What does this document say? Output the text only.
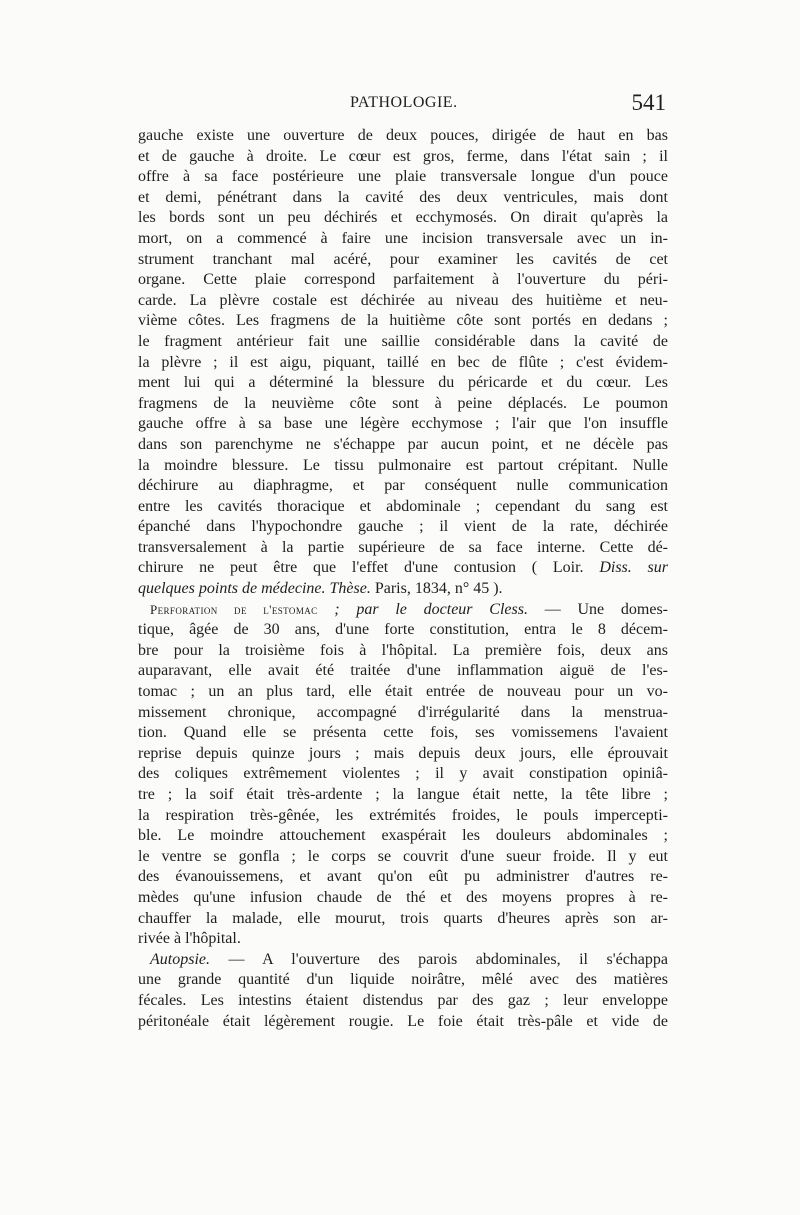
PATHOLOGIE.	541
gauche existe une ouverture de deux pouces, dirigée de haut en bas
et de gauche à droite. Le cœur est gros, ferme, dans l'état sain ; il
offre à sa face postérieure une plaie transversale longue d'un pouce
et demi, pénétrant dans la cavité des deux ventricules, mais dont
les bords sont un peu déchirés et ecchymosés. On dirait qu'après la
mort, on a commencé à faire une incision transversale avec un in-
strument tranchant mal acéré, pour examiner les cavités de cet
organe. Cette plaie correspond parfaitement à l'ouverture du péri-
carde. La plèvre costale est déchirée au niveau des huitième et neu-
vième côtes. Les fragmens de la huitième côte sont portés en dedans ;
le fragment antérieur fait une saillie considérable dans la cavité de
la plèvre ; il est aigu, piquant, taillé en bec de flûte ; c'est évidem-
ment lui qui a déterminé la blessure du péricarde et du cœur. Les
fragmens de la neuvième côte sont à peine déplacés. Le poumon
gauche offre à sa base une légère ecchymose ; l'air que l'on insuffle
dans son parenchyme ne s'échappe par aucun point, et ne décèle pas
la moindre blessure. Le tissu pulmonaire est partout crépitant. Nulle
déchirure au diaphragme, et par conséquent nulle communication
entre les cavités thoracique et abdominale ; cependant du sang est
épanché dans l'hypochondre gauche ; il vient de la rate, déchirée
transversalement à la partie supérieure de sa face interne. Cette dé-
chirure ne peut être que l'effet d'une contusion ( Loir. Diss. sur
quelques points de médecine. Thèse. Paris, 1834, n° 45 ).
Perforation de l'estomac ; par le docteur Cless. — Une domes-
tique, âgée de 30 ans, d'une forte constitution, entra le 8 décem-
bre pour la troisième fois à l'hôpital. La première fois, deux ans
auparavant, elle avait été traitée d'une inflammation aiguë de l'es-
tomac ; un an plus tard, elle était entrée de nouveau pour un vo-
missement chronique, accompagné d'irrégularité dans la menstrua-
tion. Quand elle se présenta cette fois, ses vomissemens l'avaient
reprise depuis quinze jours ; mais depuis deux jours, elle éprouvait
des coliques extrêmement violentes ; il y avait constipation opiniâ-
tre ; la soif était très-ardente ; la langue était nette, la tête libre ;
la respiration très-gênée, les extrémités froides, le pouls impercepti-
ble. Le moindre attouchement exaspérait les douleurs abdominales ;
le ventre se gonfla ; le corps se couvrit d'une sueur froide. Il y eut
des évanouissemens, et avant qu'on eût pu administrer d'autres re-
mèdes qu'une infusion chaude de thé et des moyens propres à re-
chauffer la malade, elle mourut, trois quarts d'heures après son ar-
rivée à l'hôpital.
Autopsie. — A l'ouverture des parois abdominales, il s'échappa
une grande quantité d'un liquide noirâtre, mêlé avec des matières
fécales. Les intestins étaient distendus par des gaz ; leur enveloppe
péritonéale était légèrement rougie. Le foie était très-pâle et vide de
